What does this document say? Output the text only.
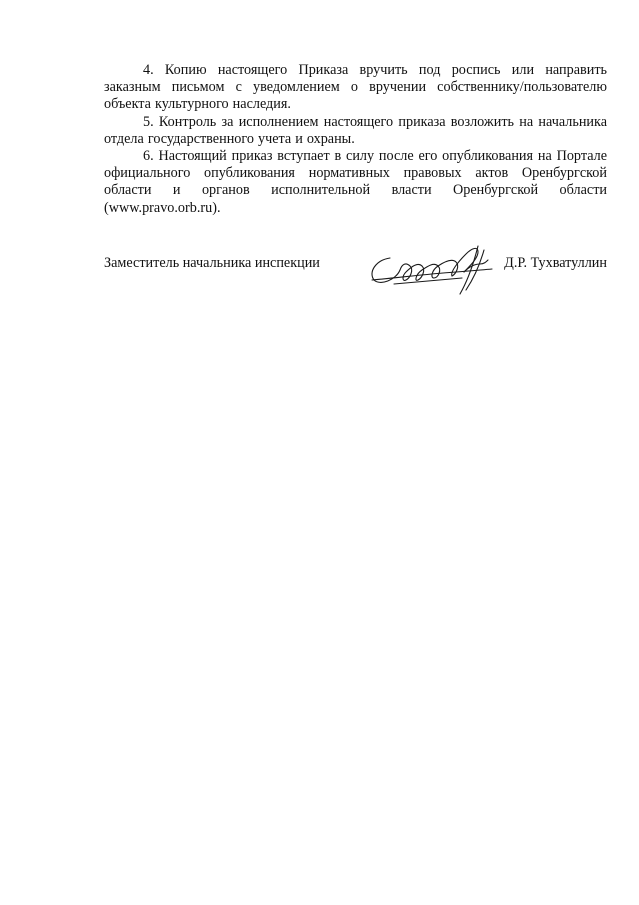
4. Копию настоящего Приказа вручить под роспись или направить заказным письмом с уведомлением о вручении собственнику/пользователю объекта культурного наследия.

5. Контроль за исполнением настоящего приказа возложить на начальника отдела государственного учета и охраны.

6. Настоящий приказ вступает в силу после его опубликования на Портале официального опубликования нормативных правовых актов Оренбургской области и органов исполнительной власти Оренбургской области (www.pravo.orb.ru).

Заместитель начальника инспекции	Д.Р. Тухватуллин
